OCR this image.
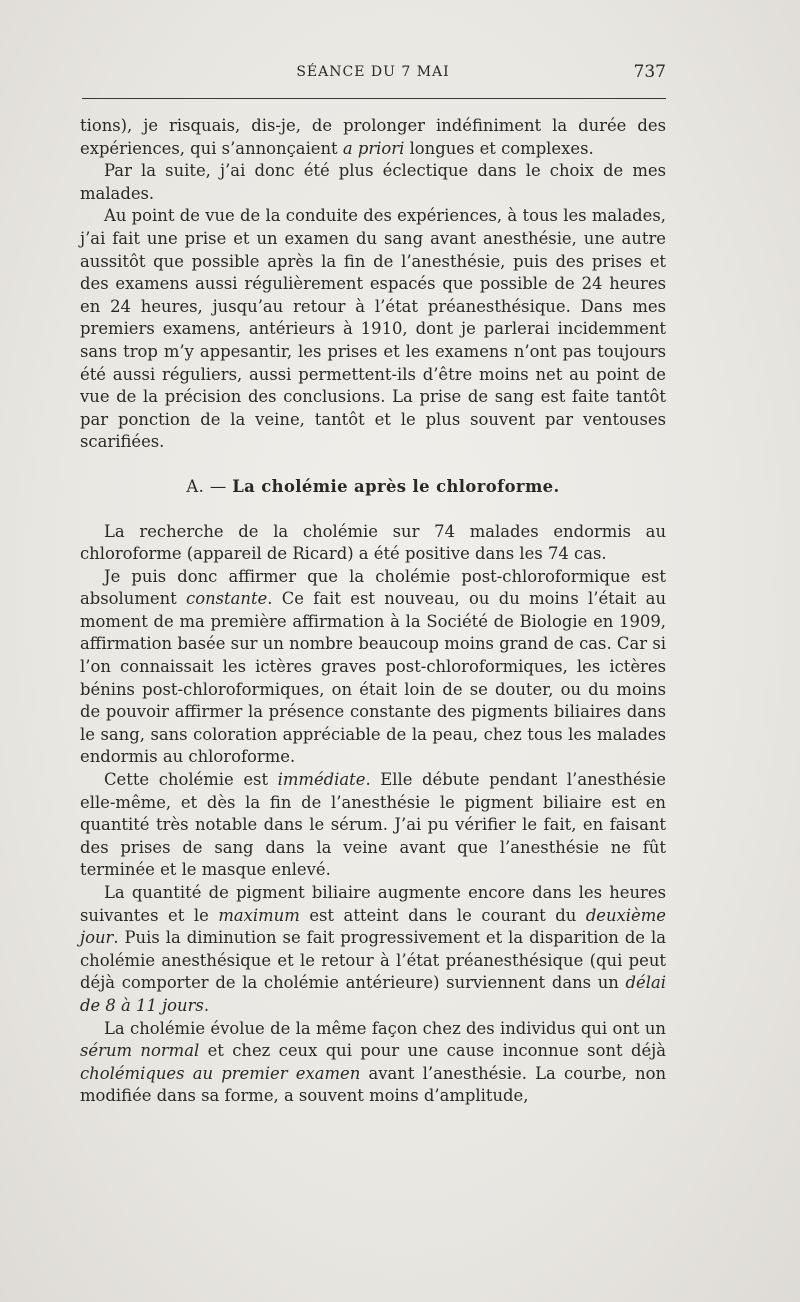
SÉANCE DU 7 MAI	737

tions), je risquais, dis-je, de prolonger indéfiniment la durée des expériences, qui s’annonçaient a priori longues et complexes.

Par la suite, j’ai donc été plus éclectique dans le choix de mes malades.

Au point de vue de la conduite des expériences, à tous les malades, j’ai fait une prise et un examen du sang avant anesthésie, une autre aussitôt que possible après la fin de l’anesthésie, puis des prises et des examens aussi régulièrement espacés que possible de 24 heures en 24 heures, jusqu’au retour à l’état préanesthésique. Dans mes premiers examens, antérieurs à 1910, dont je parlerai incidemment sans trop m’y appesantir, les prises et les examens n’ont pas toujours été aussi réguliers, aussi permettent-ils d’être moins net au point de vue de la précision des conclusions. La prise de sang est faite tantôt par ponction de la veine, tantôt et le plus souvent par ventouses scarifiées.

A. — La cholémie après le chloroforme.

La recherche de la cholémie sur 74 malades endormis au chloroforme (appareil de Ricard) a été positive dans les 74 cas.

Je puis donc affirmer que la cholémie post-chloroformique est absolument constante. Ce fait est nouveau, ou du moins l’était au moment de ma première affirmation à la Société de Biologie en 1909, affirmation basée sur un nombre beaucoup moins grand de cas. Car si l’on connaissait les ictères graves post-chloroformiques, les ictères bénins post-chloroformiques, on était loin de se douter, ou du moins de pouvoir affirmer la présence constante des pigments biliaires dans le sang, sans coloration appréciable de la peau, chez tous les malades endormis au chloroforme.

Cette cholémie est immédiate. Elle débute pendant l’anesthésie elle-même, et dès la fin de l’anesthésie le pigment biliaire est en quantité très notable dans le sérum. J’ai pu vérifier le fait, en faisant des prises de sang dans la veine avant que l’anesthésie ne fût terminée et le masque enlevé.

La quantité de pigment biliaire augmente encore dans les heures suivantes et le maximum est atteint dans le courant du deuxième jour. Puis la diminution se fait progressivement et la disparition de la cholémie anesthésique et le retour à l’état préanesthésique (qui peut déjà comporter de la cholémie antérieure) surviennent dans un délai de 8 à 11 jours.

La cholémie évolue de la même façon chez des individus qui ont un sérum normal et chez ceux qui pour une cause inconnue sont déjà cholémiques au premier examen avant l’anesthésie. La courbe, non modifiée dans sa forme, a souvent moins d’amplitude,
